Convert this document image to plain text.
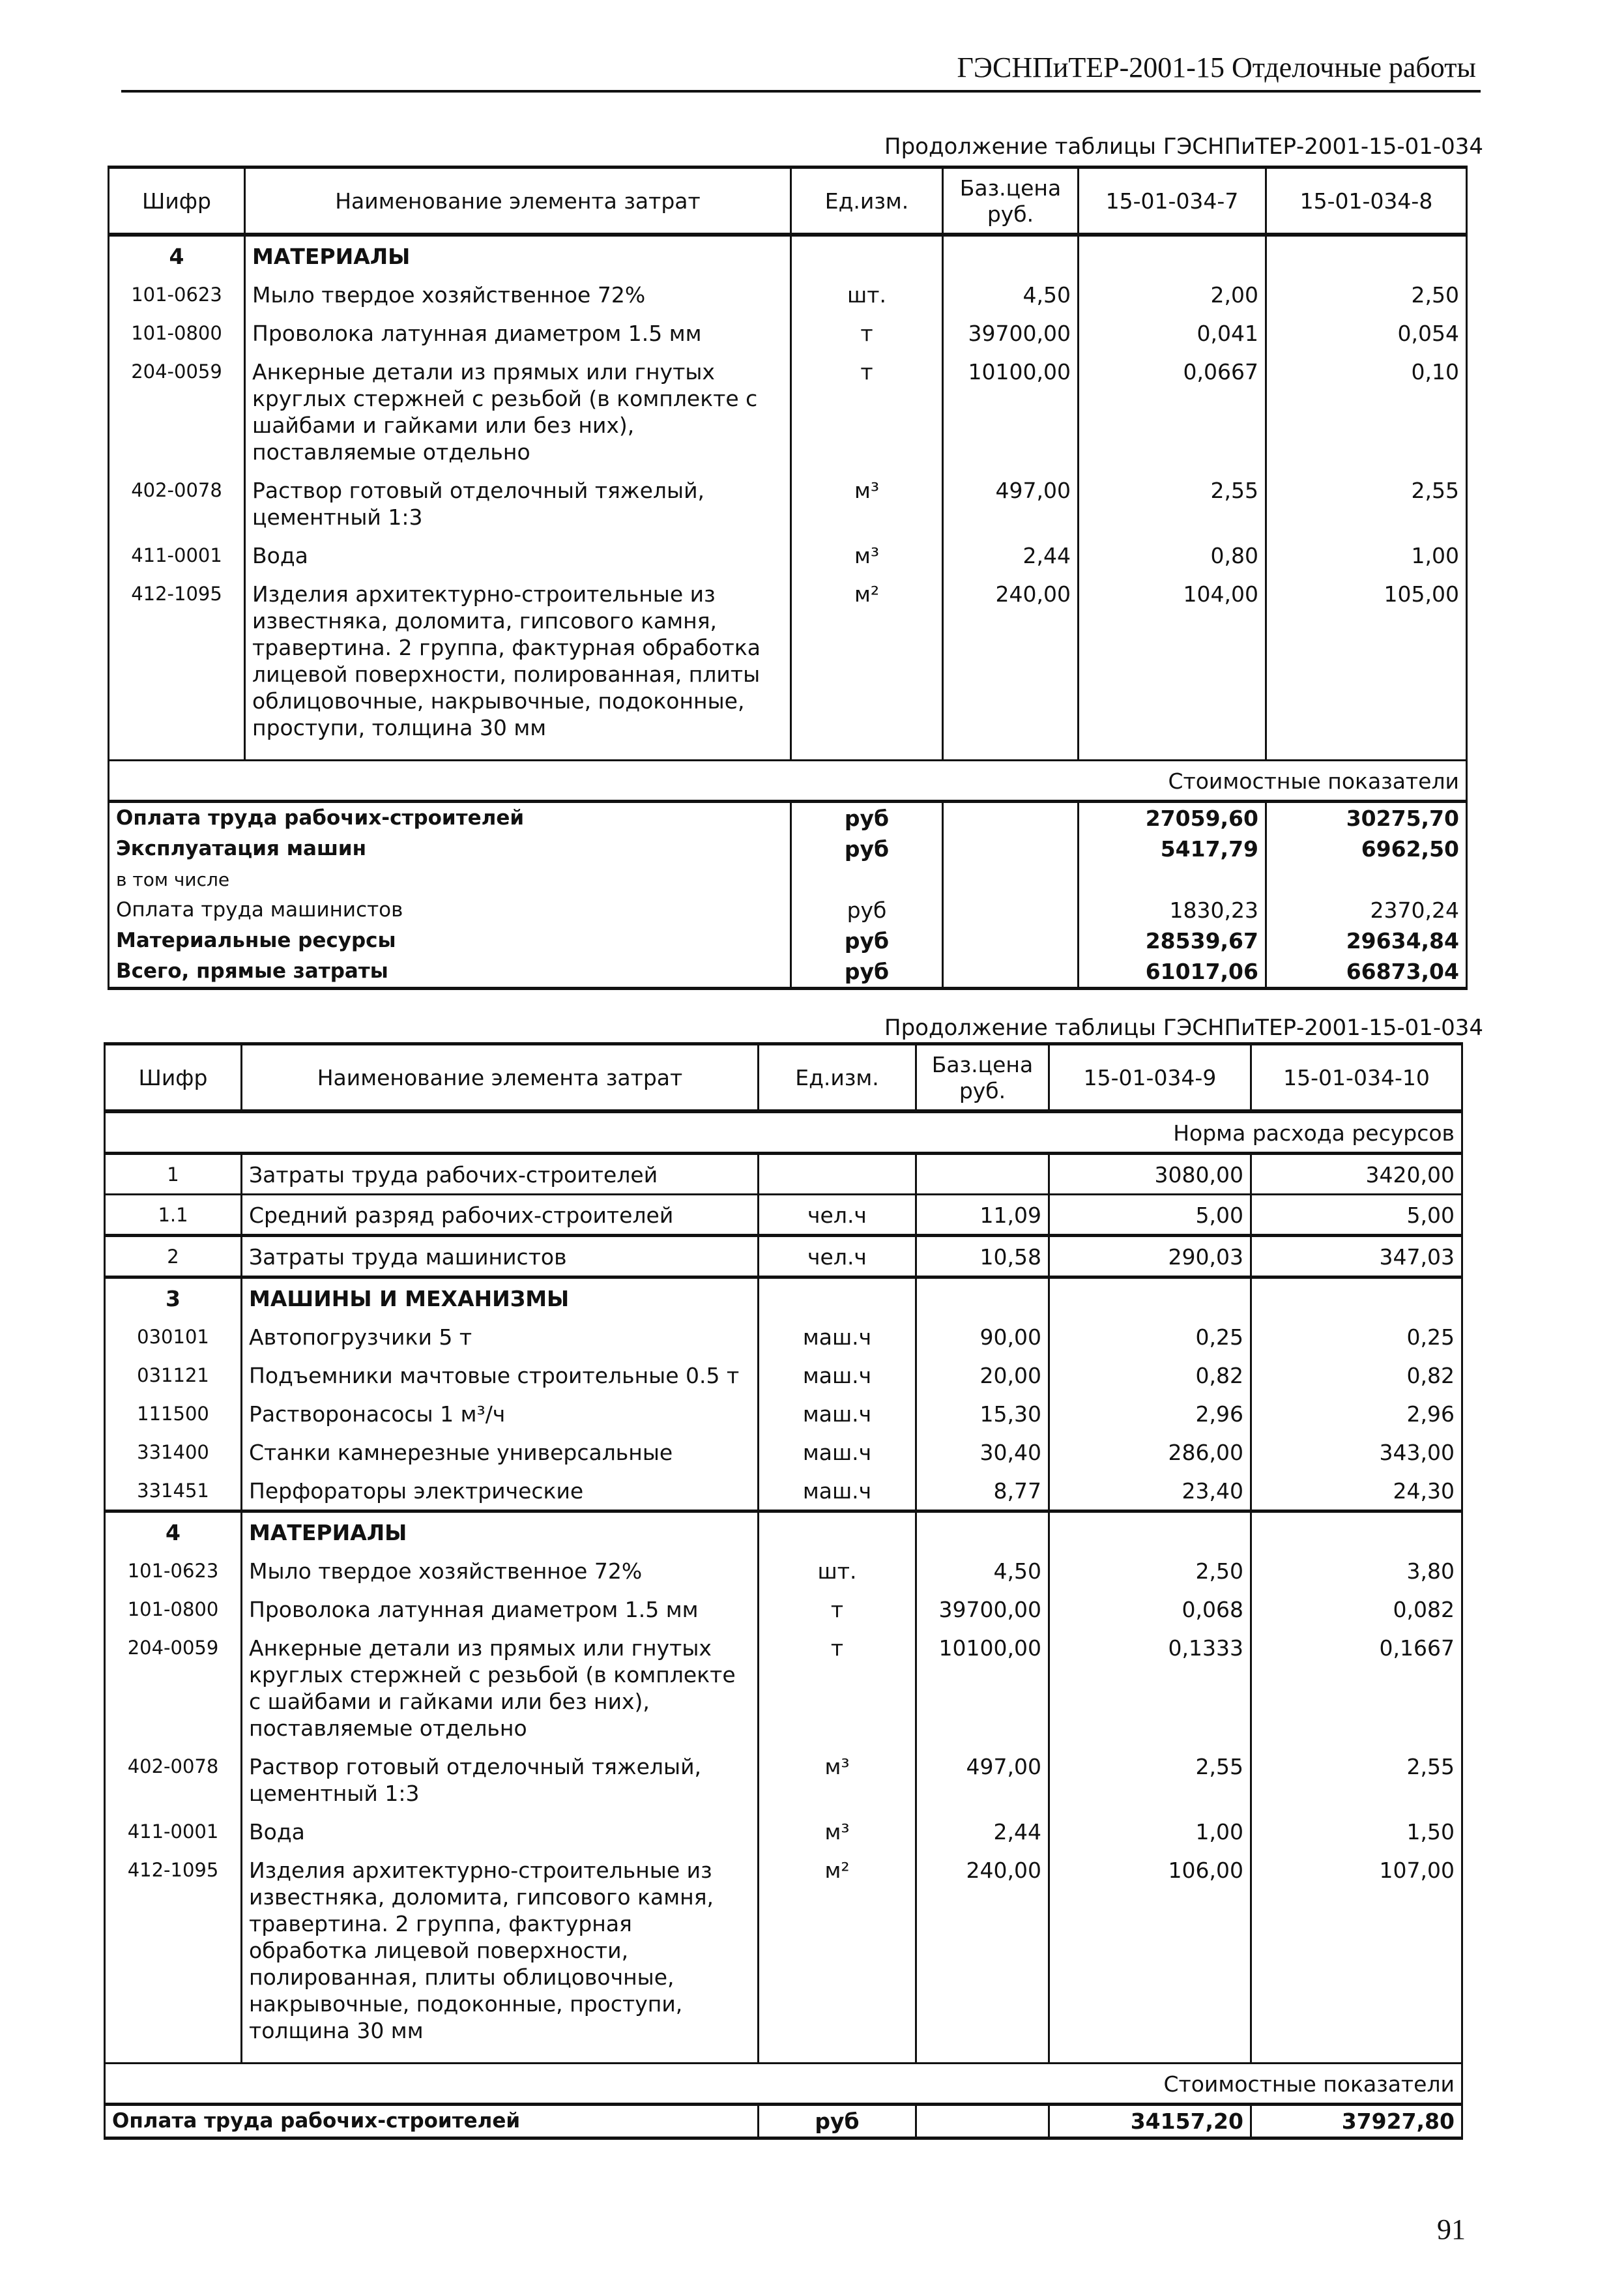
ГЭСНПиТЕР-2001-15 Отделочные работы
Продолжение таблицы ГЭСНПиТЕР-2001-15-01-034
Шифр	Наименование элемента затрат	Ед.изм.	Баз.цена руб.	15-01-034-7	15-01-034-8
4	МАТЕРИАЛЫ				
101-0623	Мыло твердое хозяйственное 72%	шт.	4,50	2,00	2,50
101-0800	Проволока латунная диаметром 1.5 мм	т	39700,00	0,041	0,054
204-0059	Анкерные детали из прямых или гнутых круглых стержней с резьбой (в комплекте с шайбами и гайками или без них), поставляемые отдельно	т	10100,00	0,0667	0,10
402-0078	Раствор готовый отделочный тяжелый, цементный 1:3	м³	497,00	2,55	2,55
411-0001	Вода	м³	2,44	0,80	1,00
412-1095	Изделия архитектурно-строительные из известняка, доломита, гипсового камня, травертина. 2 группа, фактурная обработка лицевой поверхности, полированная, плиты облицовочные, накрывочные, подоконные, проступи, толщина 30 мм	м²	240,00	104,00	105,00

Стоимостные показатели					
Оплата труда рабочих-строителей		руб		27059,60	30275,70
Эксплуатация машин		руб		5417,79	6962,50
в том числе					
Оплата труда машинистов		руб		1830,23	2370,24
Материальные ресурсы		руб		28539,67	29634,84
Всего, прямые затраты		руб		61017,06	66873,04
Продолжение таблицы ГЭСНПиТЕР-2001-15-01-034
Шифр	Наименование элемента затрат	Ед.изм.	Баз.цена руб.	15-01-034-9	15-01-034-10
Норма расхода ресурсов					
1	Затраты труда рабочих-строителей			3080,00	3420,00
1.1	Средний разряд рабочих-строителей	чел.ч	11,09	5,00	5,00
2	Затраты труда машинистов	чел.ч	10,58	290,03	347,03
3	МАШИНЫ И МЕХАНИЗМЫ				
030101	Автопогрузчики 5 т	маш.ч	90,00	0,25	0,25
031121	Подъемники мачтовые строительные 0.5 т	маш.ч	20,00	0,82	0,82
111500	Растворонасосы 1 м³/ч	маш.ч	15,30	2,96	2,96
331400	Станки камнерезные универсальные	маш.ч	30,40	286,00	343,00
331451	Перфораторы электрические	маш.ч	8,77	23,40	24,30
4	МАТЕРИАЛЫ				
101-0623	Мыло твердое хозяйственное 72%	шт.	4,50	2,50	3,80
101-0800	Проволока латунная диаметром 1.5 мм	т	39700,00	0,068	0,082
204-0059	Анкерные детали из прямых или гнутых круглых стержней с резьбой (в комплекте с шайбами и гайками или без них), поставляемые отдельно	т	10100,00	0,1333	0,1667
402-0078	Раствор готовый отделочный тяжелый, цементный 1:3	м³	497,00	2,55	2,55
411-0001	Вода	м³	2,44	1,00	1,50
412-1095	Изделия архитектурно-строительные из известняка, доломита, гипсового камня, травертина. 2 группа, фактурная обработка лицевой поверхности, полированная, плиты облицовочные, накрывочные, подоконные, проступи, толщина 30 мм	м²	240,00	106,00	107,00

Стоимостные показатели					
Оплата труда рабочих-строителей		руб		34157,20	37927,80
91
